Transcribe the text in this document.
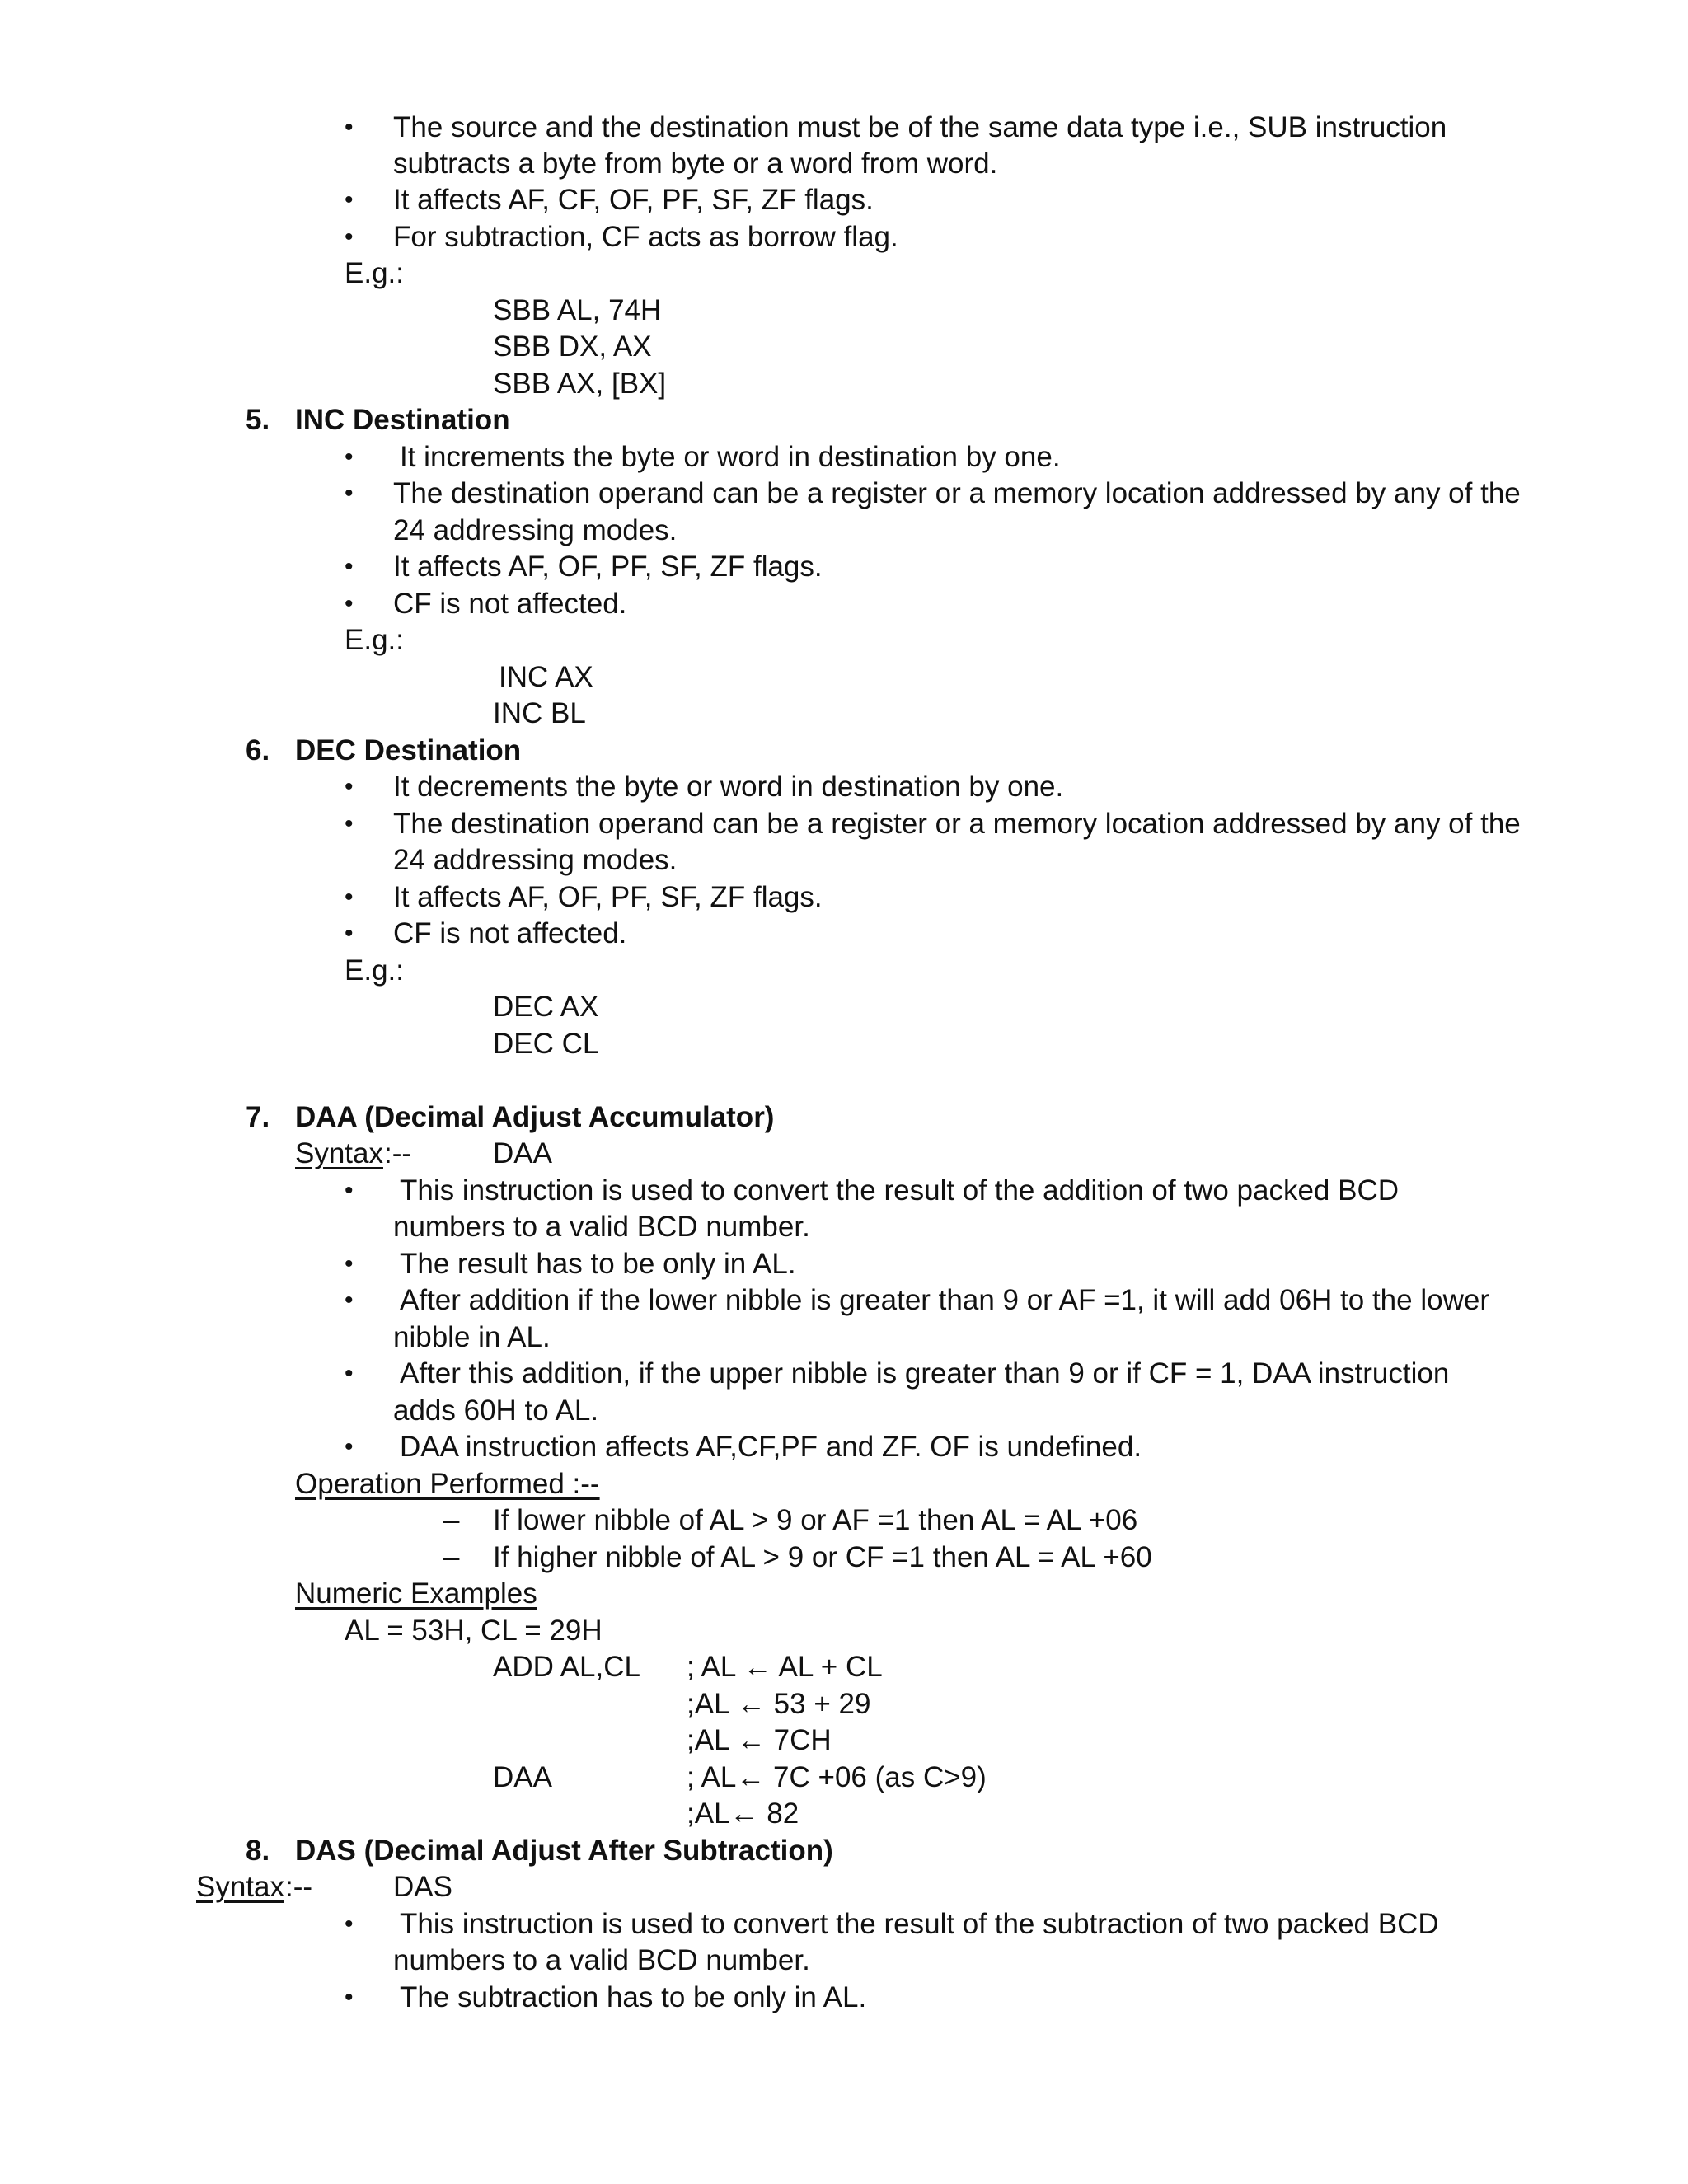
• The source and the destination must be of the same data type i.e., SUB instruction
subtracts a byte from byte or a word from word.
• It affects AF, CF, OF, PF, SF, ZF flags.
• For subtraction, CF acts as borrow flag.
E.g.:
SBB AL, 74H
SBB DX, AX
SBB AX, [BX]
5. INC Destination
• It increments the byte or word in destination by one.
• The destination operand can be a register or a memory location addressed by any of the
24 addressing modes.
• It affects AF, OF, PF, SF, ZF flags.
• CF is not affected.
E.g.:
INC AX
INC BL
6. DEC Destination
• It decrements the byte or word in destination by one.
• The destination operand can be a register or a memory location addressed by any of the
24 addressing modes.
• It affects AF, OF, PF, SF, ZF flags.
• CF is not affected.
E.g.:
DEC AX
DEC CL
7. DAA (Decimal Adjust Accumulator)
Syntax :--	DAA
• This instruction is used to convert the result of the addition of two packed BCD
numbers to a valid BCD number.
• The result has to be only in AL.
• After addition if the lower nibble is greater than 9 or AF =1, it will add 06H to the lower
nibble in AL.
• After this addition, if the upper nibble is greater than 9 or if CF = 1, DAA instruction
adds 60H to AL.
• DAA instruction affects AF,CF,PF and ZF. OF is undefined.
Operation Performed :--
– If lower nibble of AL > 9 or AF =1 then AL = AL +06
– If higher nibble of AL > 9 or CF =1 then AL = AL +60
Numeric Examples
AL = 53H, CL = 29H
ADD AL,CL ; AL ← AL + CL
;AL ← 53 + 29
;AL ← 7CH
DAA	; AL← 7C +06 (as C>9)
;AL← 82
8. DAS (Decimal Adjust After Subtraction)
Syntax :--	DAS
• This instruction is used to convert the result of the subtraction of two packed BCD
numbers to a valid BCD number.
• The subtraction has to be only in AL.
